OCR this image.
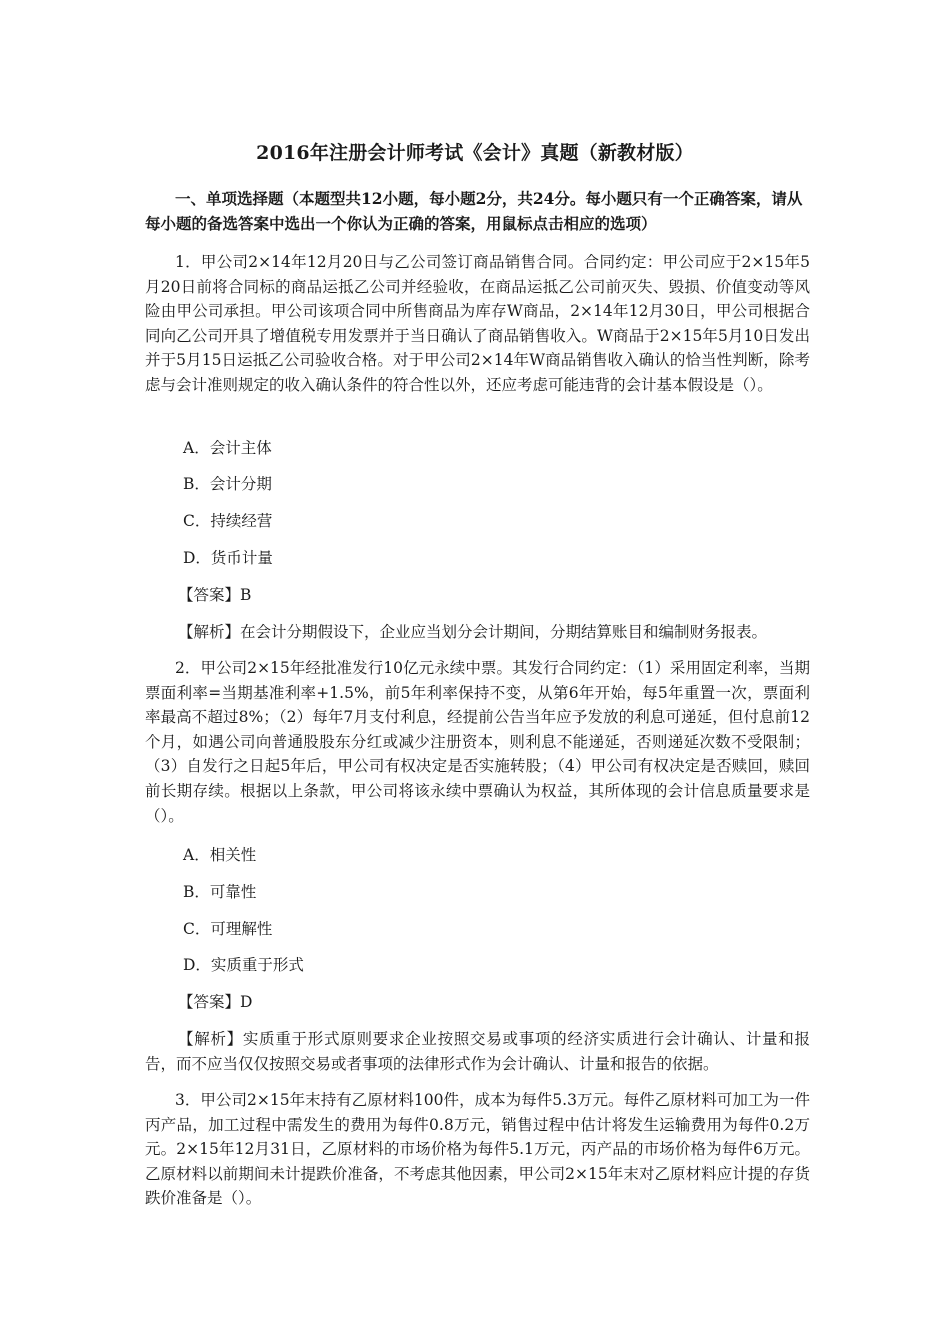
2016年注册会计师考试《会计》真题（新教材版）
一、单项选择题（本题型共12小题，每小题2分，共24分。每小题只有一个正确答案，请从每小题的备选答案中选出一个你认为正确的答案，用鼠标点击相应的选项）
1．甲公司2×14年12月20日与乙公司签订商品销售合同。合同约定：甲公司应于2×15年5月20日前将合同标的商品运抵乙公司并经验收，在商品运抵乙公司前灭失、毁损、价值变动等风险由甲公司承担。甲公司该项合同中所售商品为库存W商品，2×14年12月30日，甲公司根据合同向乙公司开具了增值税专用发票并于当日确认了商品销售收入。W商品于2×15年5月10日发出并于5月15日运抵乙公司验收合格。对于甲公司2×14年W商品销售收入确认的恰当性判断，除考虑与会计准则规定的收入确认条件的符合性以外，还应考虑可能违背的会计基本假设是（）。
A．会计主体
B．会计分期
C．持续经营
D．货币计量
【答案】B
【解析】在会计分期假设下，企业应当划分会计期间，分期结算账目和编制财务报表。
2．甲公司2×15年经批准发行10亿元永续中票。其发行合同约定：（1）采用固定利率，当期票面利率=当期基准利率+1.5%，前5年利率保持不变，从第6年开始，每5年重置一次，票面利率最高不超过8%；（2）每年7月支付利息，经提前公告当年应予发放的利息可递延，但付息前12个月，如遇公司向普通股股东分红或减少注册资本，则利息不能递延，否则递延次数不受限制；（3）自发行之日起5年后，甲公司有权决定是否实施转股；（4）甲公司有权决定是否赎回，赎回前长期存续。根据以上条款，甲公司将该永续中票确认为权益，其所体现的会计信息质量要求是（）。
A．相关性
B．可靠性
C．可理解性
D．实质重于形式
【答案】D
【解析】实质重于形式原则要求企业按照交易或事项的经济实质进行会计确认、计量和报告，而不应当仅仅按照交易或者事项的法律形式作为会计确认、计量和报告的依据。
3．甲公司2×15年末持有乙原材料100件，成本为每件5.3万元。每件乙原材料可加工为一件丙产品，加工过程中需发生的费用为每件0.8万元，销售过程中估计将发生运输费用为每件0.2万元。2×15年12月31日，乙原材料的市场价格为每件5.1万元，丙产品的市场价格为每件6万元。乙原材料以前期间未计提跌价准备，不考虑其他因素，甲公司2×15年末对乙原材料应计提的存货跌价准备是（）。
